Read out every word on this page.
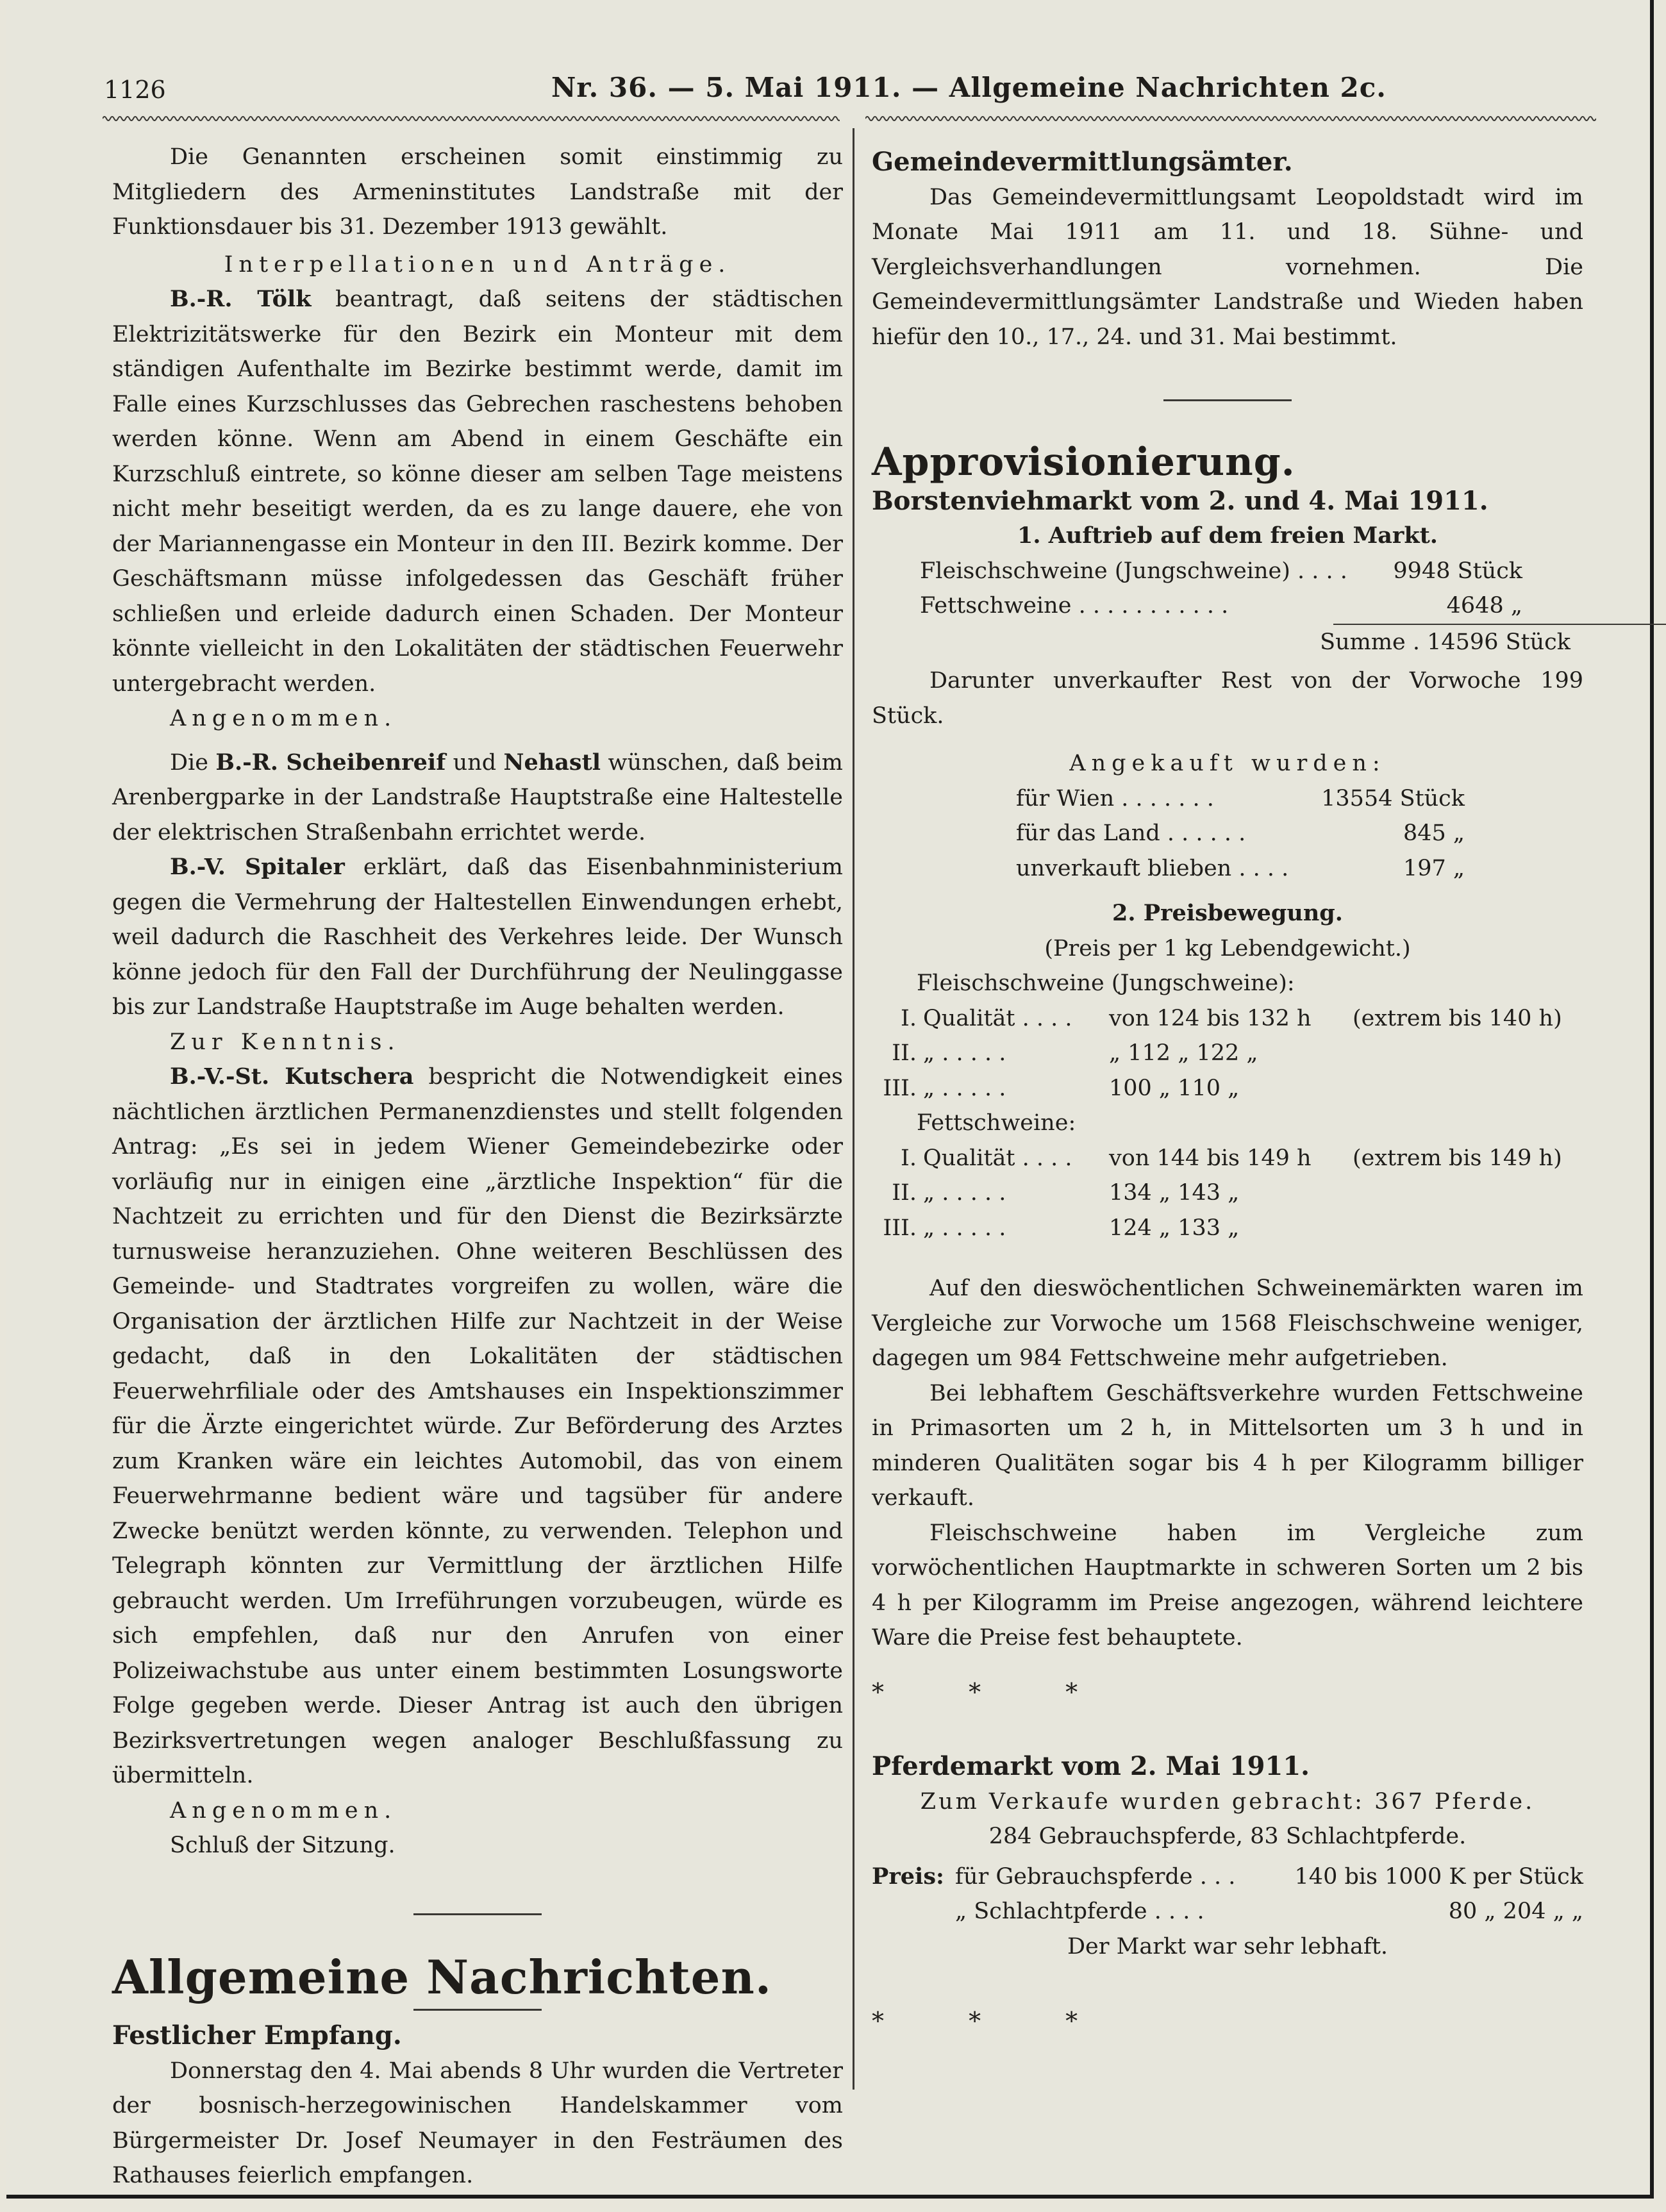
1126	Nr. 36. — 5. Mai 1911. — Allgemeine Nachrichten 2c.

Die Genannten erscheinen somit einstimmig zu Mitgliedern des Armeninstitutes Landstraße mit der Funktionsdauer bis 31. Dezember 1913 gewählt.

Interpellationen und Anträge.

B.-R. Tölk beantragt, daß seitens der städtischen Elektrizitätswerke für den Bezirk ein Monteur mit dem ständigen Aufenthalte im Bezirke bestimmt werde, damit im Falle eines Kurzschlusses das Gebrechen raschestens behoben werden könne. Wenn am Abend in einem Geschäfte ein Kurzschluß eintrete, so könne dieser am selben Tage meistens nicht mehr beseitigt werden, da es zu lange dauere, ehe von der Mariannengasse ein Monteur in den III. Bezirk komme. Der Geschäftsmann müsse infolgedessen das Geschäft früher schließen und erleide dadurch einen Schaden. Der Monteur könnte vielleicht in den Lokalitäten der städtischen Feuerwehr untergebracht werden.

Angenommen.

Die B.-R. Scheibenreif und Nehastl wünschen, daß beim Arenbergparke in der Landstraße Hauptstraße eine Haltestelle der elektrischen Straßenbahn errichtet werde.

B.-V. Spitaler erklärt, daß das Eisenbahnministerium gegen die Vermehrung der Haltestellen Einwendungen erhebt, weil dadurch die Raschheit des Verkehres leide. Der Wunsch könne jedoch für den Fall der Durchführung der Neulinggasse bis zur Landstraße Hauptstraße im Auge behalten werden.

Zur Kenntnis.

B.-V.-St. Kutschera bespricht die Notwendigkeit eines nächtlichen ärztlichen Permanenzdienstes und stellt folgenden Antrag: „Es sei in jedem Wiener Gemeindebezirke oder vorläufig nur in einigen eine „ärztliche Inspektion“ für die Nachtzeit zu errichten und für den Dienst die Bezirksärzte turnusweise heranzuziehen. Ohne weiteren Beschlüssen des Gemeinde- und Stadtrates vorgreifen zu wollen, wäre die Organisation der ärztlichen Hilfe zur Nachtzeit in der Weise gedacht, daß in den Lokalitäten der städtischen Feuerwehrfiliale oder des Amtshauses ein Inspektionszimmer für die Ärzte eingerichtet würde. Zur Beförderung des Arztes zum Kranken wäre ein leichtes Automobil, das von einem Feuerwehrmanne bedient wäre und tagsüber für andere Zwecke benützt werden könnte, zu verwenden. Telephon und Telegraph könnten zur Vermittlung der ärztlichen Hilfe gebraucht werden. Um Irreführungen vorzubeugen, würde es sich empfehlen, daß nur den Anrufen von einer Polizeiwachstube aus unter einem bestimmten Losungsworte Folge gegeben werde. Dieser Antrag ist auch den übrigen Bezirksvertretungen wegen analoger Beschlußfassung zu übermitteln.

Angenommen.

Schluß der Sitzung.

Allgemeine Nachrichten.

Festlicher Empfang.

Donnerstag den 4. Mai abends 8 Uhr wurden die Vertreter der bosnisch-herzegowinischen Handelskammer vom Bürgermeister Dr. Josef Neumayer in den Festräumen des Rathauses feierlich empfangen.

Gemeindevermittlungsämter.

Das Gemeindevermittlungsamt Leopoldstadt wird im Monate Mai 1911 am 11. und 18. Sühne- und Vergleichsverhandlungen vornehmen. Die Gemeindevermittlungsämter Landstraße und Wieden haben hiefür den 10., 17., 24. und 31. Mai bestimmt.

Approvisionierung.

Borstenviehmarkt vom 2. und 4. Mai 1911.

1. Auftrieb auf dem freien Markt.

Fleischschweine (Jungschweine) . . . .	9948 Stück
Fettschweine . . . . . . . . . . .	4648 „

Summe . 14596 Stück

Darunter unverkaufter Rest von der Vorwoche 199 Stück.

Angekauft wurden:

für Wien . . . . . . .	13554 Stück
für das Land . . . . . .	845 „
unverkauft blieben . . . .	197 „

2. Preisbewegung.

(Preis per 1 kg Lebendgewicht.)

Fleischschweine (Jungschweine):

I. Qualität . . . .	von 124 bis 132 h	(extrem bis 140 h)
II. „ . . . . .	„ 112 „ 122 „
III. „ . . . . .	100 „ 110 „

Fettschweine:

I. Qualität . . . .	von 144 bis 149 h	(extrem bis 149 h)
II. „ . . . . .	134 „ 143 „
III. „ . . . . .	124 „ 133 „

Auf den dieswöchentlichen Schweinemärkten waren im Vergleiche zur Vorwoche um 1568 Fleischschweine weniger, dagegen um 984 Fettschweine mehr aufgetrieben.

Bei lebhaftem Geschäftsverkehre wurden Fettschweine in Primasorten um 2 h, in Mittelsorten um 3 h und in minderen Qualitäten sogar bis 4 h per Kilogramm billiger verkauft.

Fleischschweine haben im Vergleiche zum vorwöchentlichen Hauptmarkte in schweren Sorten um 2 bis 4 h per Kilogramm im Preise angezogen, während leichtere Ware die Preise fest behauptete.

* * *

Pferdemarkt vom 2. Mai 1911.

Zum Verkaufe wurden gebracht: 367 Pferde.

284 Gebrauchspferde, 83 Schlachtpferde.

Preis: für Gebrauchspferde . . .	140 bis 1000 K per Stück
„ Schlachtpferde . . . .	80 „ 204 „ „

Der Markt war sehr lebhaft.

* * *
